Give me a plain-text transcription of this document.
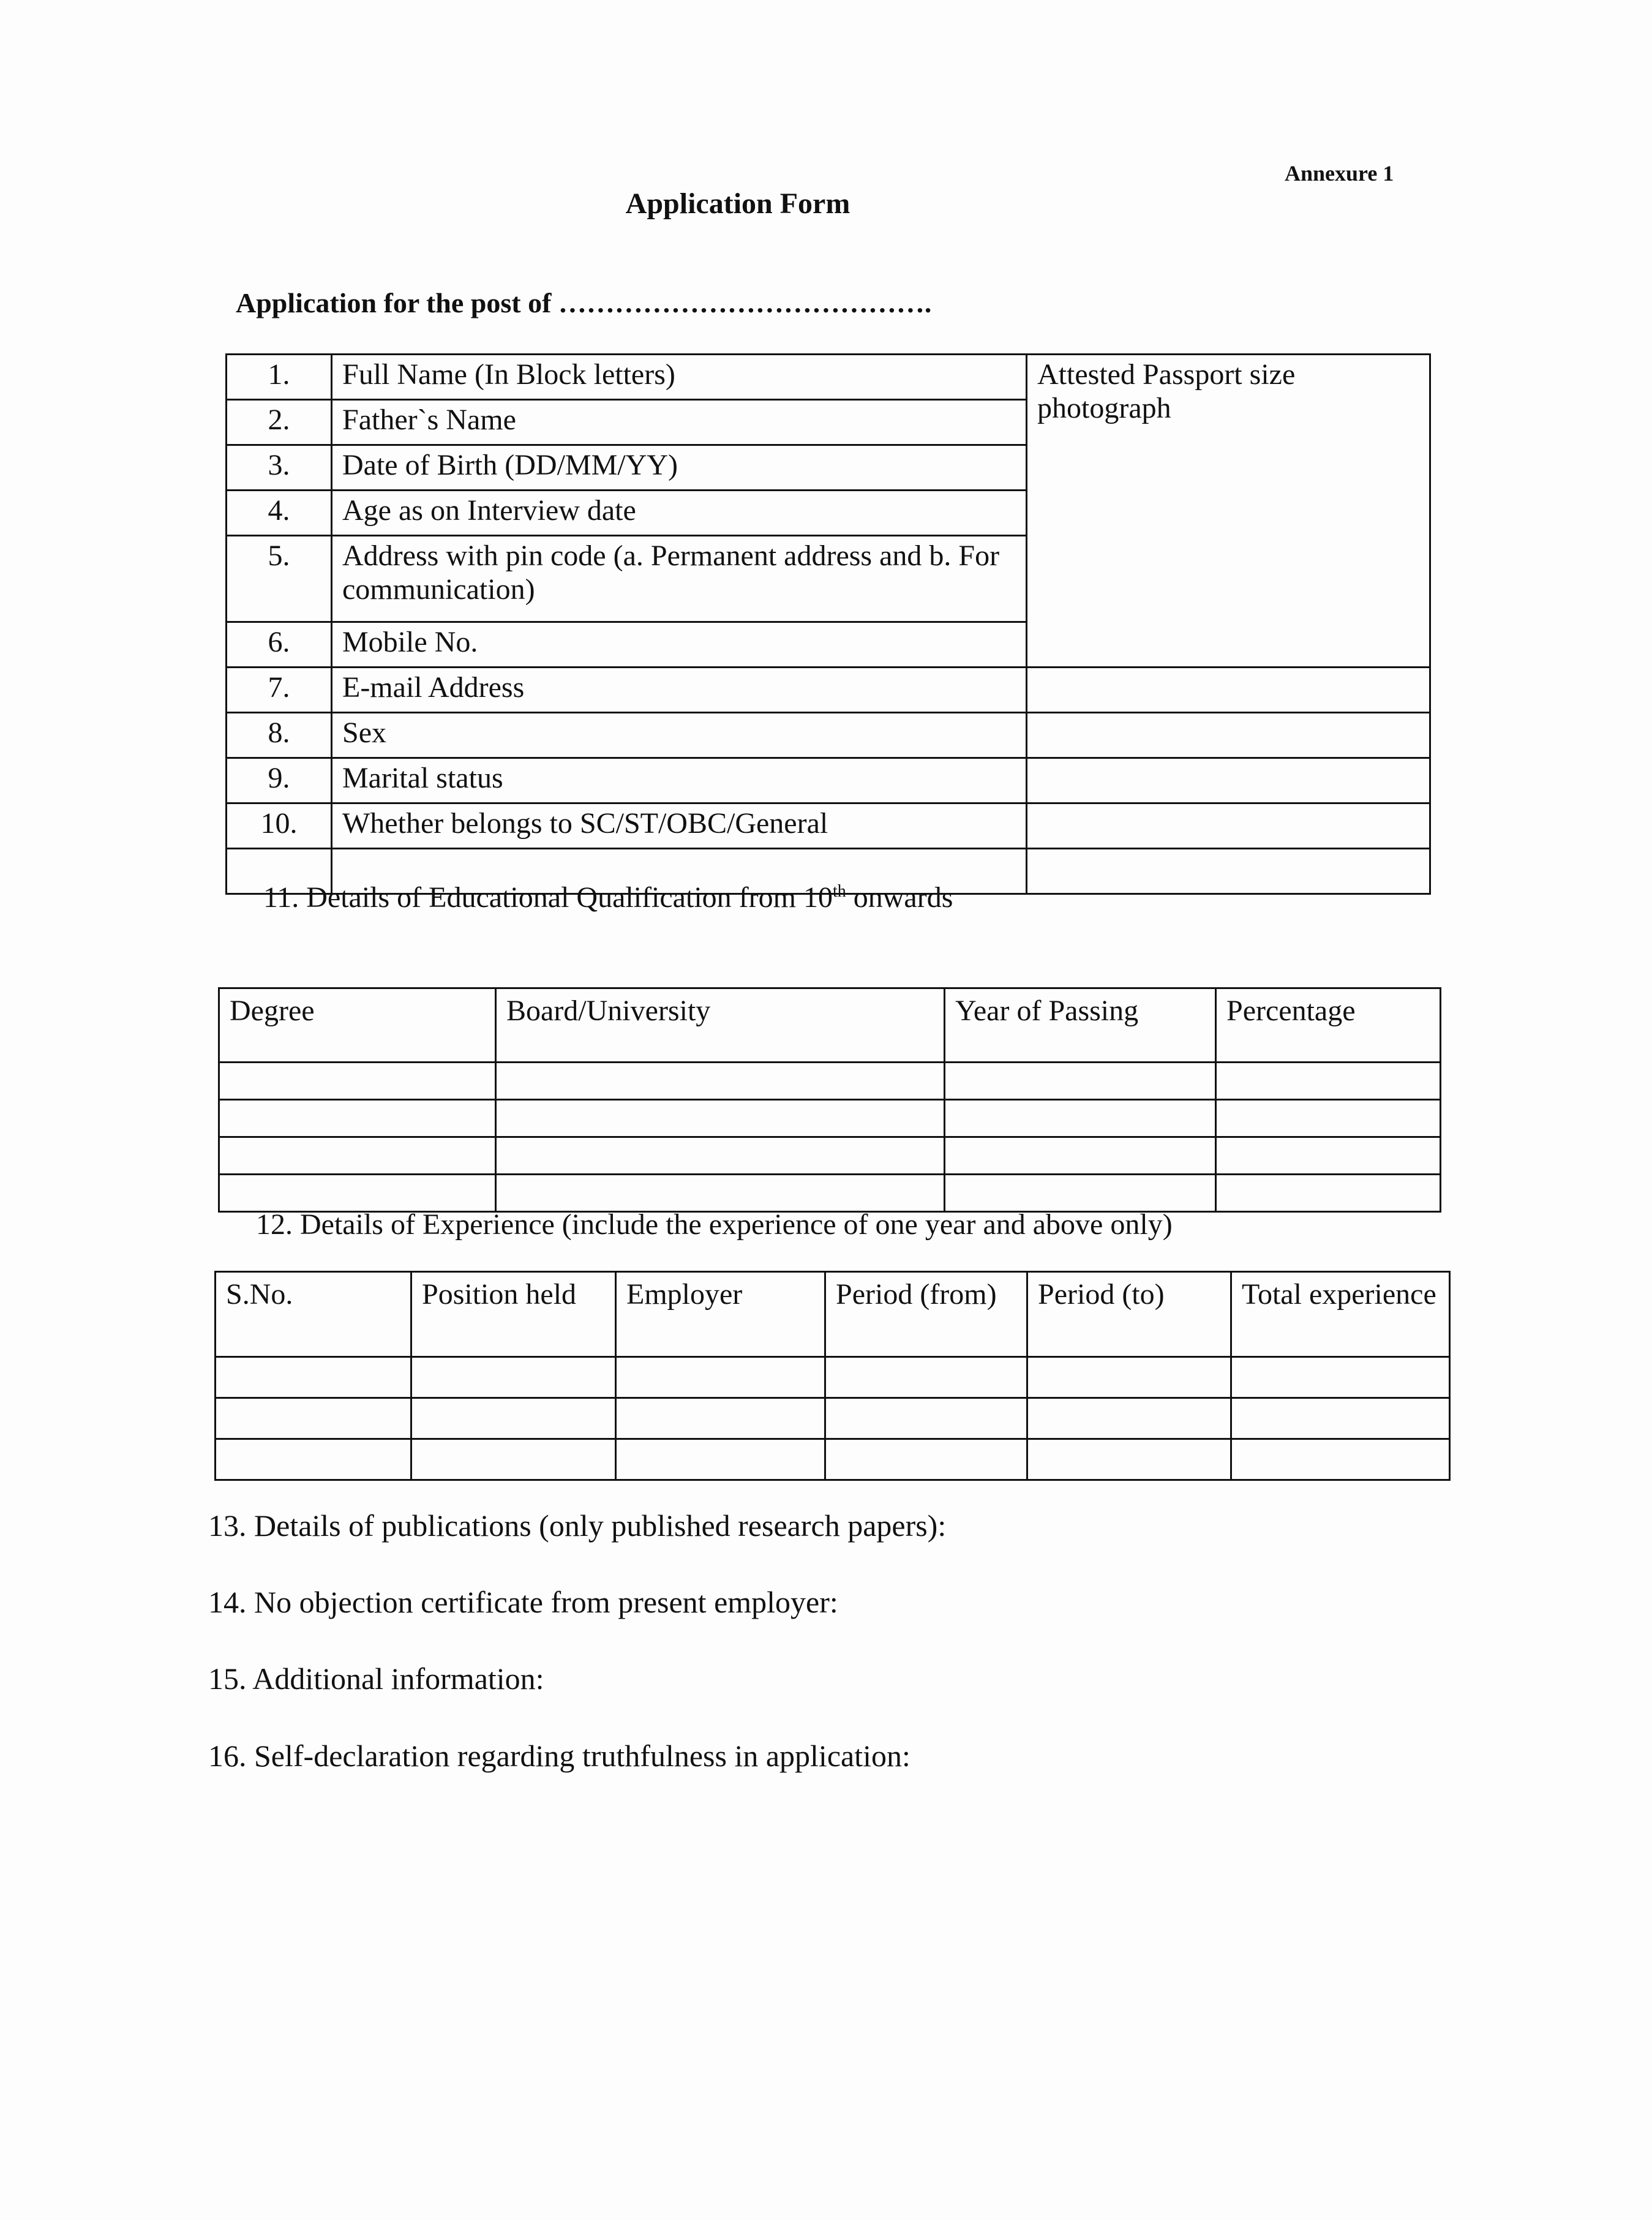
Annexure 1
Application Form
Application for the post of ………………………………….
1.	Full Name (In Block letters)	Attested Passport size photograph
2.	Father`s Name	
3.	Date of Birth (DD/MM/YY)	
4.	Age as on Interview date	
5.	Address with pin code (a. Permanent address and b. For communication)	
6.	Mobile No.	
7.	E-mail Address	
8.	Sex	
9.	Marital status	
10.	Whether belongs to SC/ST/OBC/General	

11. Details of Educational Qualification from 10th onwards
Degree	Board/University	Year of Passing	Percentage

12. Details of Experience (include the experience of one year and above only)
S.No.	Position held	Employer	Period (from)	Period (to)	Total experience

13. Details of publications (only published research papers):
14. No objection certificate from present employer:
15. Additional information:
16. Self-declaration regarding truthfulness in application:
